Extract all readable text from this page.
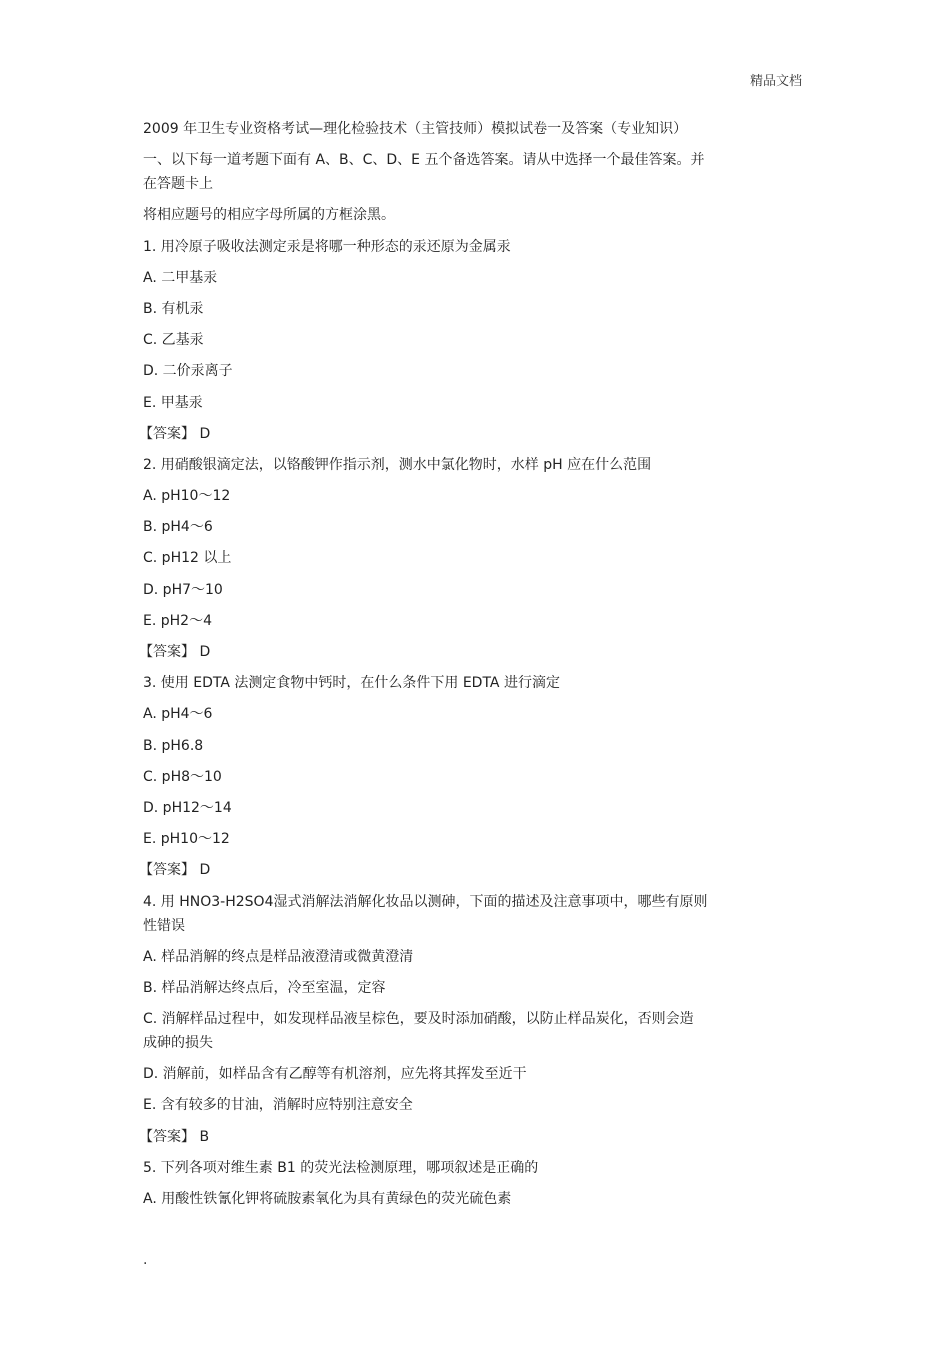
精品文档
2009 年卫生专业资格考试—理化检验技术（主管技师）模拟试卷一及答案（专业知识）
一、以下每一道考题下面有 A、B、C、D、E 五个备选答案。请从中选择一个最佳答案。并
在答题卡上
将相应题号的相应字母所属的方框涂黑。
1. 用冷原子吸收法测定汞是将哪一种形态的汞还原为金属汞
A. 二甲基汞
B. 有机汞
C. 乙基汞
D. 二价汞离子
E. 甲基汞
【答案】 D
2. 用硝酸银滴定法，以铬酸钾作指示剂，测水中氯化物时，水样 pH 应在什么范围
A. pH10～12
B. pH4～6
C. pH12 以上
D. pH7～10
E. pH2～4
【答案】 D
3. 使用 EDTA 法测定食物中钙时，在什么条件下用 EDTA 进行滴定
A. pH4～6
B. pH6.8
C. pH8～10
D. pH12～14
E. pH10～12
【答案】 D
4. 用 HNO3-H2SO4湿式消解法消解化妆品以测砷，下面的描述及注意事项中，哪些有原则
性错误
A. 样品消解的终点是样品液澄清或微黄澄清
B. 样品消解达终点后，冷至室温，定容
C. 消解样品过程中，如发现样品液呈棕色，要及时添加硝酸，以防止样品炭化，否则会造
成砷的损失
D. 消解前，如样品含有乙醇等有机溶剂，应先将其挥发至近干
E. 含有较多的甘油，消解时应特别注意安全
【答案】 B
5. 下列各项对维生素 B1 的荧光法检测原理，哪项叙述是正确的
A. 用酸性铁氰化钾将硫胺素氧化为具有黄绿色的荧光硫色素
.
